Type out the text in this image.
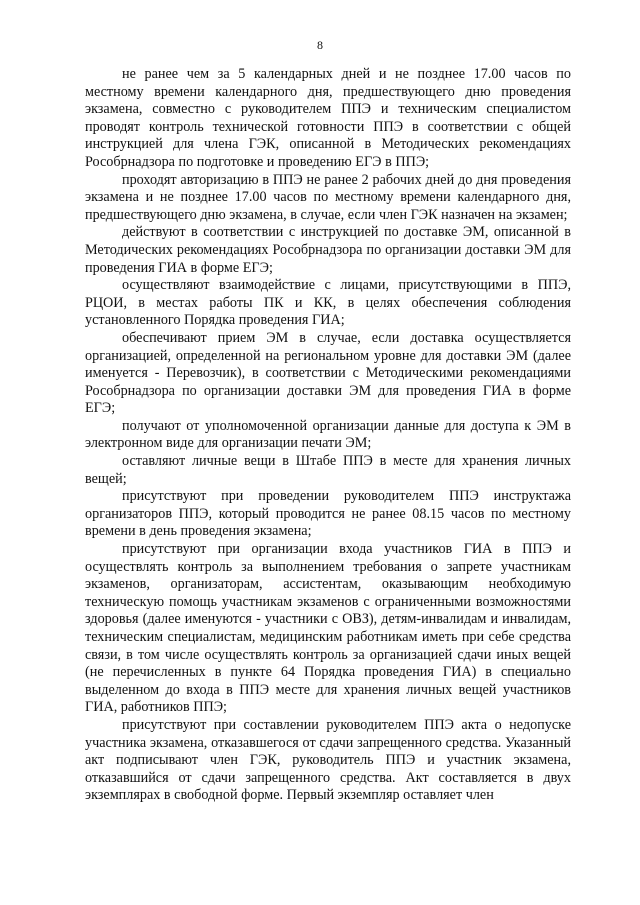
8

не ранее чем за 5 календарных дней и не позднее 17.00 часов по местному времени календарного дня, предшествующего дню проведения экзамена, совместно с руководителем ППЭ и техническим специалистом проводят контроль технической готовности ППЭ в соответствии с общей инструкцией для члена ГЭК, описанной в Методических рекомендациях Рособрнадзора по подготовке и проведению ЕГЭ в ППЭ;

проходят авторизацию в ППЭ не ранее 2 рабочих дней до дня проведения экзамена и не позднее 17.00 часов по местному времени календарного дня, предшествующего дню экзамена, в случае, если член ГЭК назначен на экзамен;

действуют в соответствии с инструкцией по доставке ЭМ, описанной в Методических рекомендациях Рособрнадзора по организации доставки ЭМ для проведения ГИА в форме ЕГЭ;

осуществляют взаимодействие с лицами, присутствующими в ППЭ, РЦОИ, в местах работы ПК и КК, в целях обеспечения соблюдения установленного Порядка проведения ГИА;

обеспечивают прием ЭМ в случае, если доставка осуществляется организацией, определенной на региональном уровне для доставки ЭМ (далее именуется - Перевозчик), в соответствии с Методическими рекомендациями Рособрнадзора по организации доставки ЭМ для проведения ГИА в форме ЕГЭ;

получают от уполномоченной организации данные для доступа к ЭМ в электронном виде для организации печати ЭМ;

оставляют личные вещи в Штабе ППЭ в месте для хранения личных вещей;

присутствуют при проведении руководителем ППЭ инструктажа организаторов ППЭ, который проводится не ранее 08.15 часов по местному времени в день проведения экзамена;

присутствуют при организации входа участников ГИА в ППЭ и осуществлять контроль за выполнением требования о запрете участникам экзаменов, организаторам, ассистентам, оказывающим необходимую техническую помощь участникам экзаменов с ограниченными возможностями здоровья (далее именуются - участники с ОВЗ), детям-инвалидам и инвалидам, техническим специалистам, медицинским работникам иметь при себе средства связи, в том числе осуществлять контроль за организацией сдачи иных вещей (не перечисленных в пункте 64 Порядка проведения ГИА) в специально выделенном до входа в ППЭ месте для хранения личных вещей участников ГИА, работников ППЭ;

присутствуют при составлении руководителем ППЭ акта о недопуске участника экзамена, отказавшегося от сдачи запрещенного средства. Указанный акт подписывают член ГЭК, руководитель ППЭ и участник экзамена, отказавшийся от сдачи запрещенного средства. Акт составляется в двух экземплярах в свободной форме. Первый экземпляр оставляет член
